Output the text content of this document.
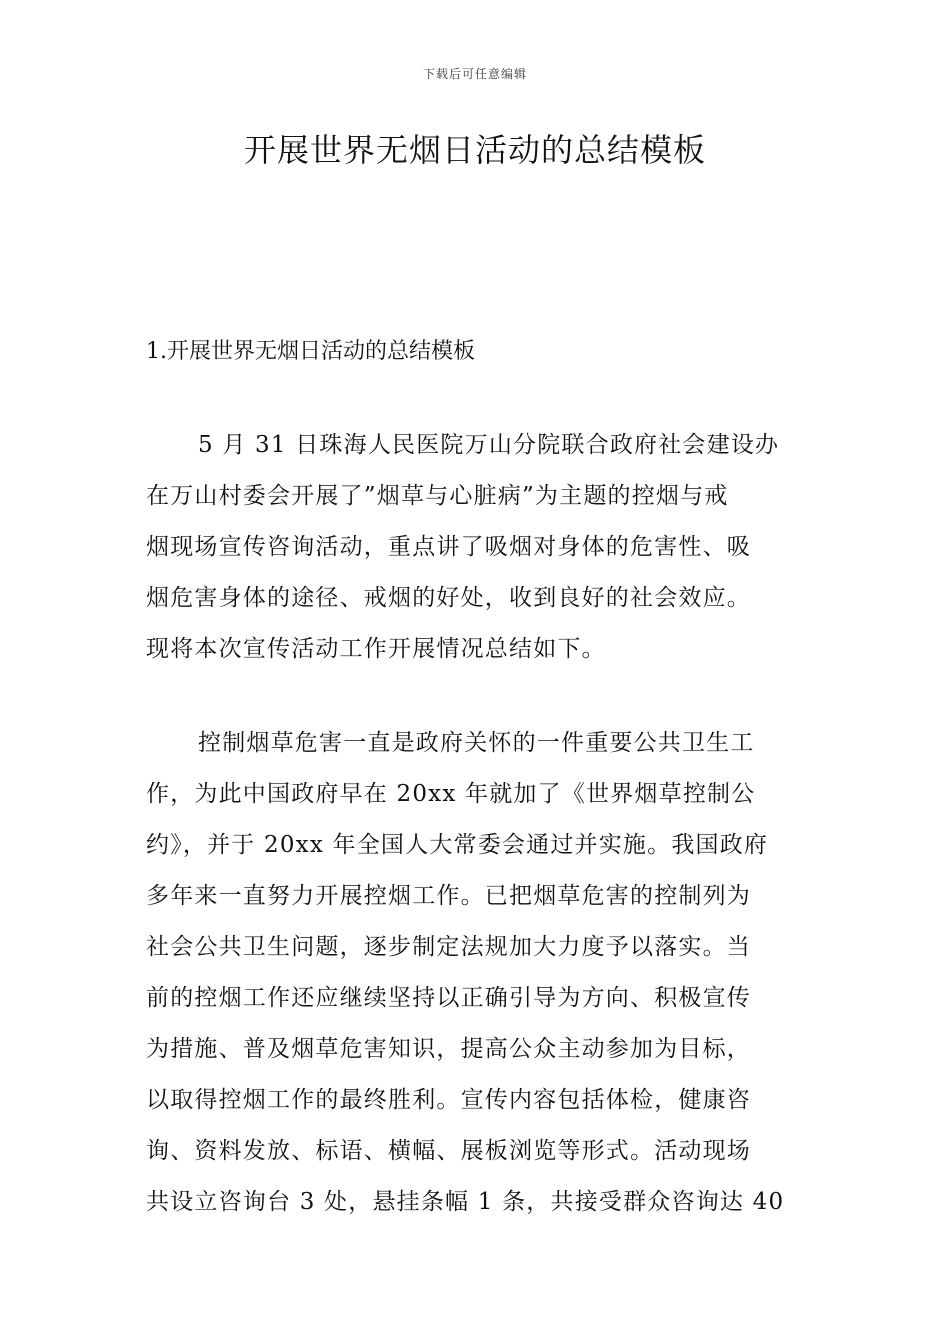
下载后可任意编辑
开展世界无烟日活动的总结模板
1.开展世界无烟日活动的总结模板
5 月 31 日珠海人民医院万山分院联合政府社会建设办
在万山村委会开展了”烟草与心脏病”为主题的控烟与戒
烟现场宣传咨询活动，重点讲了吸烟对身体的危害性、吸
烟危害身体的途径、戒烟的好处，收到良好的社会效应。
现将本次宣传活动工作开展情况总结如下。
控制烟草危害一直是政府关怀的一件重要公共卫生工
作，为此中国政府早在 20xx 年就加了《世界烟草控制公
约》，并于 20xx 年全国人大常委会通过并实施。我国政府
多年来一直努力开展控烟工作。已把烟草危害的控制列为
社会公共卫生问题，逐步制定法规加大力度予以落实。当
前的控烟工作还应继续坚持以正确引导为方向、积极宣传
为措施、普及烟草危害知识，提高公众主动参加为目标，
以取得控烟工作的最终胜利。宣传内容包括体检，健康咨
询、资料发放、标语、横幅、展板浏览等形式。活动现场
共设立咨询台 3 处，悬挂条幅 1 条，共接受群众咨询达 40
